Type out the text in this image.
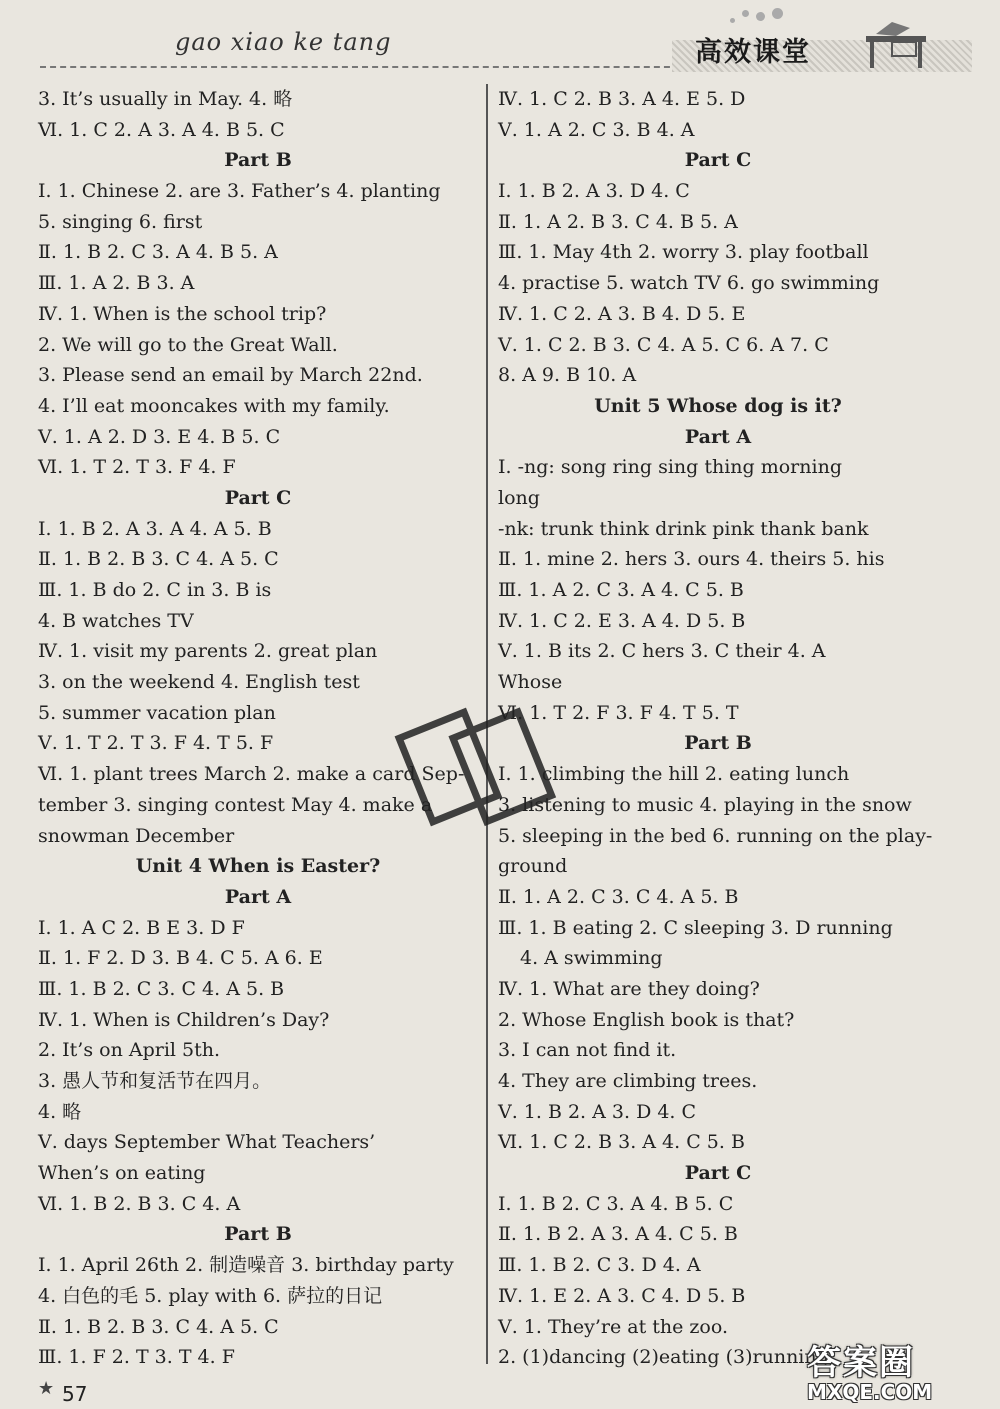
gao xiao ke tang	高效课堂
3. It’s usually in May. 4. 略
Ⅵ. 1. C 2. A 3. A 4. B 5. C
Part B
Ⅰ. 1. Chinese 2. are 3. Father’s 4. planting
5. singing 6. first
Ⅱ. 1. B 2. C 3. A 4. B 5. A
Ⅲ. 1. A 2. B 3. A
Ⅳ. 1. When is the school trip?
2. We will go to the Great Wall.
3. Please send an email by March 22nd.
4. I’ll eat mooncakes with my family.
Ⅴ. 1. A 2. D 3. E 4. B 5. C
Ⅵ. 1. T 2. T 3. F 4. F
Part C
Ⅰ. 1. B 2. A 3. A 4. A 5. B
Ⅱ. 1. B 2. B 3. C 4. A 5. C
Ⅲ. 1. B do 2. C in 3. B is
4. B watches TV
Ⅳ. 1. visit my parents 2. great plan
3. on the weekend 4. English test
5. summer vacation plan
Ⅴ. 1. T 2. T 3. F 4. T 5. F
Ⅵ. 1. plant trees March 2. make a card Sep-
tember 3. singing contest May 4. make a
snowman December
Unit 4 When is Easter?
Part A
Ⅰ. 1. A C 2. B E 3. D F
Ⅱ. 1. F 2. D 3. B 4. C 5. A 6. E
Ⅲ. 1. B 2. C 3. C 4. A 5. B
Ⅳ. 1. When is Children’s Day?
2. It’s on April 5th.
3. 愚人节和复活节在四月。
4. 略
Ⅴ. days September What Teachers’
When’s on eating
Ⅵ. 1. B 2. B 3. C 4. A
Part B
Ⅰ. 1. April 26th 2. 制造噪音 3. birthday party
4. 白色的毛 5. play with 6. 萨拉的日记
Ⅱ. 1. B 2. B 3. C 4. A 5. C
Ⅲ. 1. F 2. T 3. T 4. F
Ⅳ. 1. C 2. B 3. A 4. E 5. D
Ⅴ. 1. A 2. C 3. B 4. A
Part C
Ⅰ. 1. B 2. A 3. D 4. C
Ⅱ. 1. A 2. B 3. C 4. B 5. A
Ⅲ. 1. May 4th 2. worry 3. play football
4. practise 5. watch TV 6. go swimming
Ⅳ. 1. C 2. A 3. B 4. D 5. E
Ⅴ. 1. C 2. B 3. C 4. A 5. C 6. A 7. C
8. A 9. B 10. A
Unit 5 Whose dog is it?
Part A
Ⅰ. -ng: song ring sing thing morning
long
-nk: trunk think drink pink thank bank
Ⅱ. 1. mine 2. hers 3. ours 4. theirs 5. his
Ⅲ. 1. A 2. C 3. A 4. C 5. B
Ⅳ. 1. C 2. E 3. A 4. D 5. B
Ⅴ. 1. B its 2. C hers 3. C their 4. A
Whose
Ⅵ. 1. T 2. F 3. F 4. T 5. T
Part B
Ⅰ. 1. climbing the hill 2. eating lunch
3. listening to music 4. playing in the snow
5. sleeping in the bed 6. running on the play-
ground
Ⅱ. 1. A 2. C 3. C 4. A 5. B
Ⅲ. 1. B eating 2. C sleeping 3. D running
4. A swimming
Ⅳ. 1. What are they doing?
2. Whose English book is that?
3. I can not find it.
4. They are climbing trees.
Ⅴ. 1. B 2. A 3. D 4. C
Ⅵ. 1. C 2. B 3. A 4. C 5. B
Part C
Ⅰ. 1. B 2. C 3. A 4. B 5. C
Ⅱ. 1. B 2. A 3. A 4. C 5. B
Ⅲ. 1. B 2. C 3. D 4. A
Ⅳ. 1. E 2. A 3. C 4. D 5. B
Ⅴ. 1. They’re at the zoo.
2. (1)dancing (2)eating (3)running
★ 57
答案圈
MXQE.COM
